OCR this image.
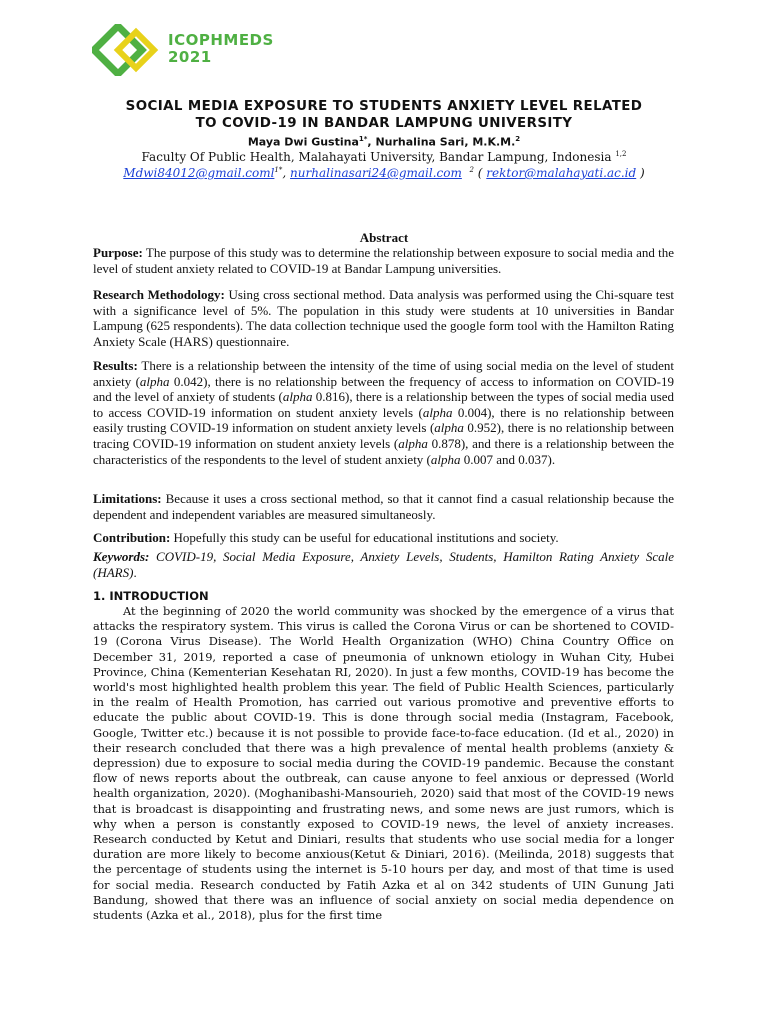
ICOPHMEDS
2021
SOCIAL MEDIA EXPOSURE TO STUDENTS ANXIETY LEVEL RELATED
TO COVID-19 IN BANDAR LAMPUNG UNIVERSITY
Maya Dwi Gustina$^{1*}$, Nurhalina Sari, M.K.M.$^2$
Faculty Of Public Health, Malahayati University, Bandar Lampung, Indonesia $^{1,2}$
Mdwi84012@gmail.coml$^{1*}$, nurhalinasari24@gmail.com $^2$ ( rektor@malahayati.ac.id )
Abstract
Purpose: The purpose of this study was to determine the relationship between exposure to social media and the level of student anxiety related to COVID-19 at Bandar Lampung universities.
Research Methodology: Using cross sectional method. Data analysis was performed using the Chi-square test with a significance level of 5%. The population in this study were students at 10 universities in Bandar Lampung (625 respondents). The data collection technique used the google form tool with the Hamilton Rating Anxiety Scale (HARS) questionnaire.
Results: There is a relationship between the intensity of the time of using social media on the level of student anxiety (alpha 0.042), there is no relationship between the frequency of access to information on COVID-19 and the level of anxiety of students (alpha 0.816), there is a relationship between the types of social media used to access COVID-19 information on student anxiety levels (alpha 0.004), there is no relationship between easily trusting COVID-19 information on student anxiety levels (alpha 0.952), there is no relationship between tracing COVID-19 information on student anxiety levels (alpha 0.878), and there is a relationship between the characteristics of the respondents to the level of student anxiety (alpha 0.007 and 0.037).
Limitations: Because it uses a cross sectional method, so that it cannot find a casual relationship because the dependent and independent variables are measured simultaneosly.
Contribution: Hopefully this study can be useful for educational institutions and society.
Keywords: COVID-19, Social Media Exposure, Anxiety Levels, Students, Hamilton Rating Anxiety Scale (HARS).
1. INTRODUCTION
At the beginning of 2020 the world community was shocked by the emergence of a virus that attacks the respiratory system. This virus is called the Corona Virus or can be shortened to COVID-19 (Corona Virus Disease). The World Health Organization (WHO) China Country Office on December 31, 2019, reported a case of pneumonia of unknown etiology in Wuhan City, Hubei Province, China (Kementerian Kesehatan RI, 2020). In just a few months, COVID-19 has become the world's most highlighted health problem this year. The field of Public Health Sciences, particularly in the realm of Health Promotion, has carried out various promotive and preventive efforts to educate the public about COVID-19. This is done through social media (Instagram, Facebook, Google, Twitter etc.) because it is not possible to provide face-to-face education. (Id et al., 2020) in their research concluded that there was a high prevalence of mental health problems (anxiety & depression) due to exposure to social media during the COVID-19 pandemic. Because the constant flow of news reports about the outbreak, can cause anyone to feel anxious or depressed (World health organization, 2020). (Moghanibashi-Mansourieh, 2020) said that most of the COVID-19 news that is broadcast is disappointing and frustrating news, and some news are just rumors, which is why when a person is constantly exposed to COVID-19 news, the level of anxiety increases. Research conducted by Ketut and Diniari, results that students who use social media for a longer duration are more likely to become anxious(Ketut & Diniari, 2016). (Meilinda, 2018) suggests that the percentage of students using the internet is 5-10 hours per day, and most of that time is used for social media. Research conducted by Fatih Azka et al on 342 students of UIN Gunung Jati Bandung, showed that there was an influence of social anxiety on social media dependence on students (Azka et al., 2018), plus for the first time
